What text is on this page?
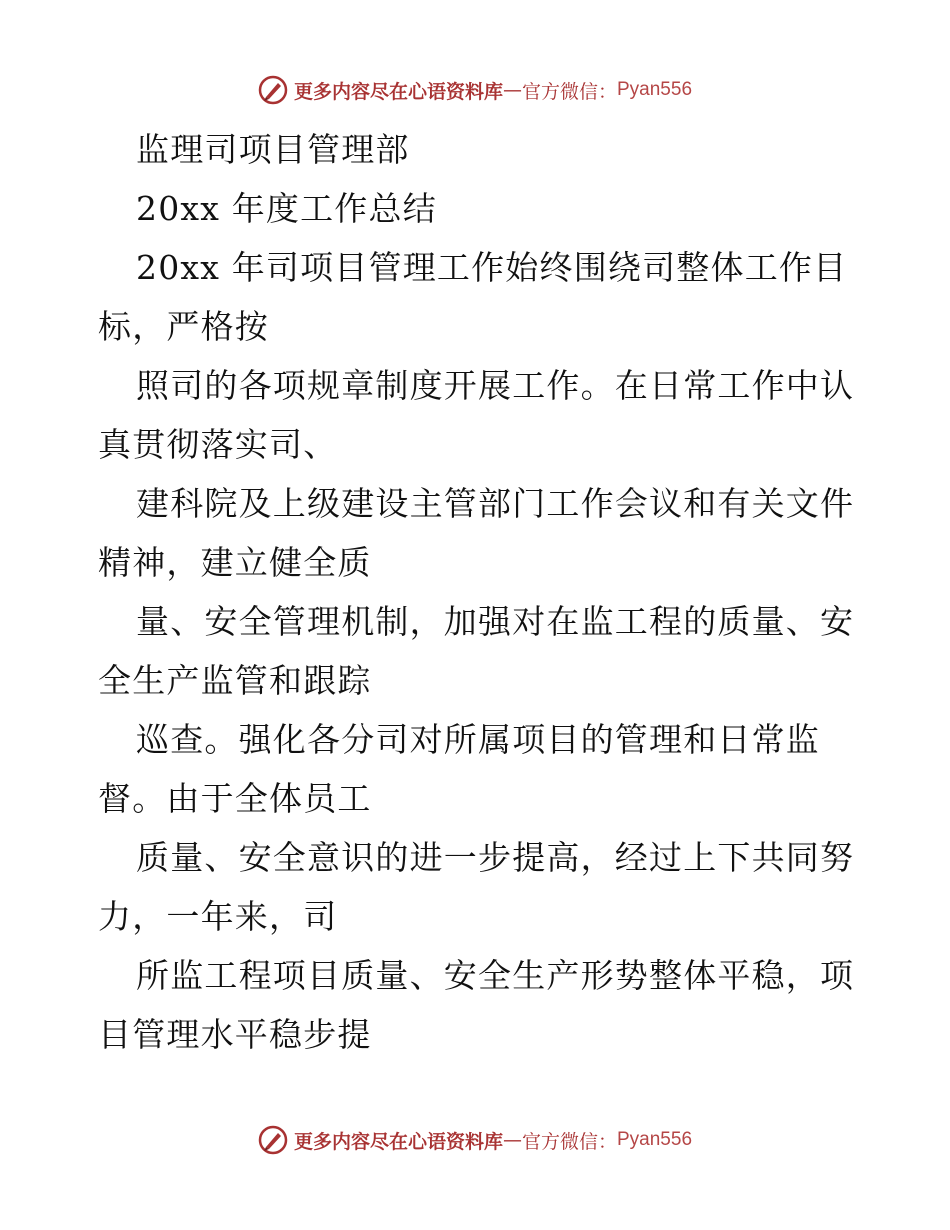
更多内容尽在心语资料库 — 官方微信： Pyan556
监理司项目管理部
20xx 年度工作总结
20xx 年司项目管理工作始终围绕司整体工作目
标，严格按
照司的各项规章制度开展工作。在日常工作中认
真贯彻落实司、
建科院及上级建设主管部门工作会议和有关文件
精神，建立健全质
量、安全管理机制，加强对在监工程的质量、安
全生产监管和跟踪
巡查。强化各分司对所属项目的管理和日常监
督。由于全体员工
质量、安全意识的进一步提高，经过上下共同努
力，一年来，司
所监工程项目质量、安全生产形势整体平稳，项
目管理水平稳步提
更多内容尽在心语资料库 — 官方微信： Pyan556
